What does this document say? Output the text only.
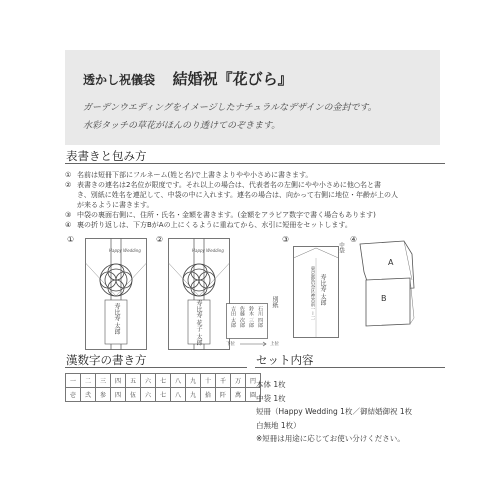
透かし祝儀袋 結婚祝『花びら』
ガーデンウエディングをイメージしたナチュラルなデザインの金封です。
水彩タッチの草花がほんのり透けてのぞきます。
表書きと包み方
① 名前は短冊下部にフルネーム(姓と名)で上書きよりやや小さめに書きます。
② 表書きの連名は2名位が限度です。それ以上の場合は、代表者名の左側にやや小さめに他○名と書
き、別紙に姓名を連記して、中袋の中に入れます。連名の場合は、向かって右側に地位・年齢が上の人
が来るように書きます。
③ 中袋の裏面右側に、住所・氏名・金額を書きます。(金額をアラビア数字で書く場合もあります)
④ 裏の折り返しは、下方BがAの上にくるように重ねてから、水引に短冊をセットします。
①
Happy Wedding
寿比寿 太郎
②
Happy Wedding
寿比寿 花子 太郎	吉田 太郎 佐藤 次郎 鈴木 三郎 石川 四郎
別紙
下位	上位
③
中袋
東京都渋谷区神宮前一ー二 寿比寿 太郎
④
A
B
漢数字の書き方
一	二	三	四	五	六	七	八	九	十	千	万	円
壱	弐	参	四	伍	六	七	八	九	拾	阡	萬	圓
セット内容
本体 1枚
中袋 1枚
短冊（Happy Wedding 1枚／御結婚御祝 1枚
白無地 1枚）
※短冊は用途に応じてお使い分けください。
